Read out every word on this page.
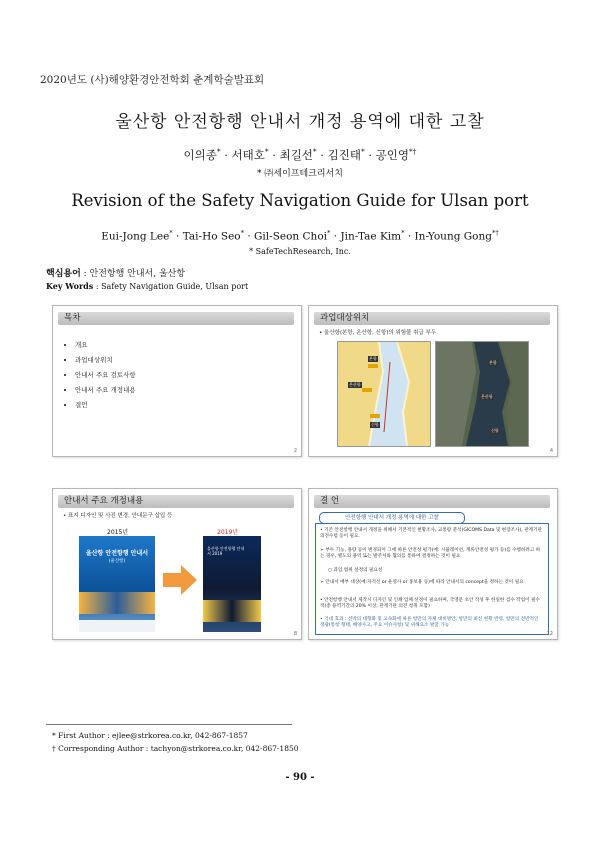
2020년도 (사)해양환경안전학회 춘계학술발표회
울산항 안전항행 안내서 개정 용역에 대한 고찰
이의종* · 서태호* · 최길선* · 김진태* · 공인영*†
* ㈜세이프테크리서치
Revision of the Safety Navigation Guide for Ulsan port
Eui-Jong Lee* · Tai-Ho Seo* · Gil-Seon Choi* · Jin-Tae Kim* · In-Young Gong*†
* SafeTechResearch, Inc.
핵심용어 : 안전항행 안내서, 울산항
Key Words : Safety Navigation Guide, Ulsan port
목차
• 개요
• 과업대상위치
• 안내서 주요 검토사항
• 안내서 주요 개정내용
• 결언
2
과업대상위치
• 울산항(본항, 온산항, 신항)의 위험물 취급 부두
본항
온산항
신항
본항
온산항
신항
4
안내서 주요 개정내용
• 표지 디자인 및 사진 변경, 안내문구 삽입 등
2015년	2019년
울산항 안전항행 안내서
(울산항)
울산항 안전항행 안내서 2019
8
결 언
안전항행 안내서 개정 용역에 대한 고찰
• 기존 안전항행 안내서 개정을 위해서 기본적인 현황조사, 교통량 분석(GICOMS Data 및 현장조사), 관계기관 의견수렴 등이 필요.
➢ 부두 기능, 용량 등이 변경되어 그에 따른 안전성 평가(예: 시뮬레이션, 계류안전성 평가 등)를 수행하려고 하는 경우, 별도의 용역 또는 발주처와 협의를 통하여 결정하는 것이 필요
○ 과업 범위 설정의 필요성
➢ 안내서 배부 대상(예:자격선 or 운영사 or 홍보용 등)에 따라 안내서의 concept을 정하는 것이 필요
• 안전항행 안내서 제작시 디자인 및 인쇄 업체 선정이 필요하며, 국영문 초안 작성 후 한일한 검수 작업이 필수적(총 용역기간의 20% 이상, 관계기관 의견 청취 포함)
• 기대 효과 : 선박의 대형화 및 고속화에 따른 항만의 자체 대비방안, 항만의 최신 현황 반영, 항만의 전반적인 정광(통항 형태, 해양사고, 주요 이슈사항) 및 위해요소 발굴 가능
12
* First Author : ejlee@strkorea.co.kr, 042-867-1857
† Corresponding Author : tachyon@strkorea.co.kr, 042-867-1850
- 90 -
